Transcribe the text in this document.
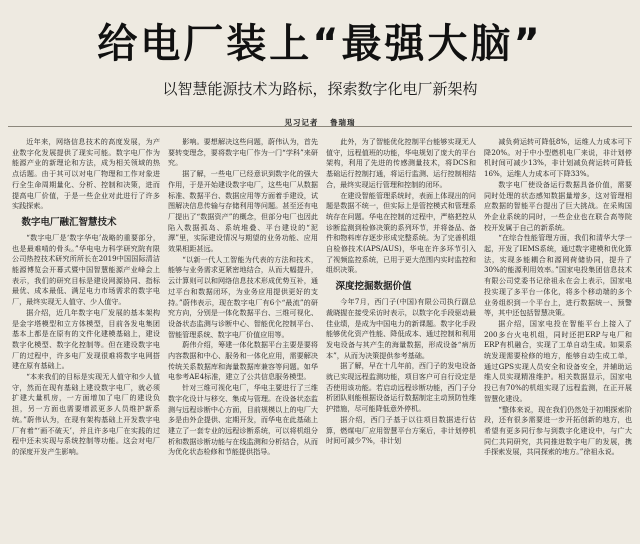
给电厂装上“最强大脑”
以智慧能源技术为路标，探索数字化电厂新架构
见习记者 鲁瑞瑞

近年来，网络信息技术的高度发展，为产业数字化发展提供了现实可能。数字电厂作为能源产业的新理论和方法，成为相关领域的热点话题。由于其可以对电厂物理和工作对象进行全生命周期量化、分析、控制和决策，进而提高电厂价值，于是一些企业对此进行了许多实践探索。

数字电厂融汇智慧技术

“数字电厂是‘数字华电’战略的重要部分，也是最难啃的骨头。”华电电力科学研究院有限公司热控技术研究所所长在2019中国国际清洁能源博览会开幕式暨中国智慧能源产业峰会上表示，我们的研究目标是建设网源协同、指标最优、成本最低、满足电力市场需求的数字电厂，最终实现无人值守、少人值守。

据介绍，近几年数字电厂发展的基本架构是金字塔模型和立方体模型，目前各发电集团基本上都是在原有的文件化建模基础上，建设数字化模型、数字化控制等。但在建设数字电厂的过程中，许多电厂发现很难将数字电网搭建在原有基础上。

“本来我们的目标是实现无人值守和少人值守，然而在现有基础上建设数字电厂，就必须扩建大量机房，一方面增加了电厂的建设负担，另一方面也需要增派更多人员维护新系统。”蔚伟认为，在现有架构基础上开发数字电厂有着“‘画不破天’，并且许多电厂在实践的过程中还未实现与系统控制等功能。这会对电厂的深度开发产生影响。

影响。要想解决这些问题，蔚伟认为，首先要转变理念，要将数字电厂作为一门“学科”来研究。

据了解，一些电厂已经意识到数字化的强大作用，于是开始建设数字电厂，这些电厂从数据标准、数据平台、数据应用等方面着手建设，试图解决信息传输与存储利用等问题。甚至还有电厂提出了“数据资产”的概念，但部分电厂也因此陷入数据孤岛、系统堆叠、平台建设的“泥潭”里，实际建设情况与期望的业务功能、应用效果相距甚远。

“以新一代人工智能为代表的方法和技术，能够与业务需求更紧密地结合，从而大幅提升，云计算则可以和网络信息技术形成优势互补，通过平台和数据闭环，为业务应用提供更好的支持。”蔚伟表示，现在数字电厂有6个“最流”的研究方向，分别是一体化数据平台、三维可视化、设备状态监测与诊断中心、智能优化控制平台、智能管理系统、数字电厂价值应用等。

蔚伟介绍，筹建一体化数据平台主要是要将内容数据和中心、服务和一体化应用，需要解决传统关系数据库和海量数据库兼容等问题。如华电参考AE4标准，建立了公共信息服务模型。

针对三维可视化电厂，华电主要进行了三维数字化设计与移交、集成与管理。在设备状态监测与远程诊断中心方面，目前规模以上的电厂大多是由外企提供、定期开发，而华电在此基础上建立了一套专业的远程诊断系统，可以将机组分析和数据诊断功能与在线监测和分析结合，从而为优化状态检修和节能提供指导。

此外，为了智能优化控制平台能够实现无人值守，远程值班的功能，华电规划了庞大的平台架构，利用了先进的传感测量技术，将DCS和基础运行控制打通，将运行监测、运行控制相结合，最终实现运行管理和控制的闭环。

在建设智能管理系统时，表面上体现出的问题是数据不统一，但实际上是管控模式和管理系统存在问题。华电在控制的过程中，严格把控从诊断监测到检修决策的系列环节，并将备品、备件和物料库存逐步形成完整系统。为了完善机组自检修技术(APS/AUS)，华电在许多环节引入了视频监控系统，已用于更大范围内实时监控和组织决策。

深度挖掘数据价值

今年7月，西门子(中国)有限公司执行副总裁晓握在接受采访时表示，以数字化手段驱动最佳业绩，是成为中国电力的新课题。数字化手段能够优化资产性能、降低成本、通过控制和利用发电设备与其产生的海量数据，形成设备“病历本”，从而为决策提供参考基础。

据了解，早在十几年前，西门子的发电设备就已实现远程监测功能，项目客户可自行设定是否使用该功能。若启动远程诊断功能，西门子分析团队则能根据设备运行数据制定主动预防性维护措施，尽可能降低意外停机。

据介绍，西门子基于以往项目数据进行估算，燃煤电厂应用智慧平台方案后，非计划停机时间可减少7%，非计划

减负荷运转可降低8%，运维人力成本可下降20%。对于中小型燃机电厂来说，非计划停机时间可减少13%，非计划减负荷运转可降低16%，运维人力成本可下降33%。

数字电厂使设备运行数据具备价值，需要同时处理的状态感知数据量增多，这对管理相应数据的智能平台提出了巨大挑战。在采购国外企业系统的同时，一些企业也在联合高等院校开发属于自己的新系统。

“在综合性能管理方面，我们和清华大学一起，开发了IEMS系统，通过数字建模和优化算法，实现多能耦合和源网荷储协同，提升了30%的能源利用效率。”国家电投集团信息技术有限公司党委书记徐祖永在会上表示，国家电投实现了多平台一体化，将多个移动端的多个业务组织到一个平台上，进行数据统一、预警等，其中还包括智慧决策。

据介绍，国家电投在智能平台上接入了200多台火电机组，同时还把ERP与电厂和ERP有机融合，实现了工单自动生成。如果系统发现需要检修的地方，能够自动生成工单，通过GPS实现人员安全和设备安全，并辅助运维人员实现精准维护。相关数据显示，国家电投已有70%的机组实现了远程监测，在正开展智慧化建设。

“整体来说，现在我们仍然处于初期探索阶段，还有很多需要进一步开拓创新的地方，也希望有更多同行参与到数字化建设中，与广大同仁共同研究，共同推进数字电厂的发展，携手探索发展，共同探索的地方。”徐祖永说。
